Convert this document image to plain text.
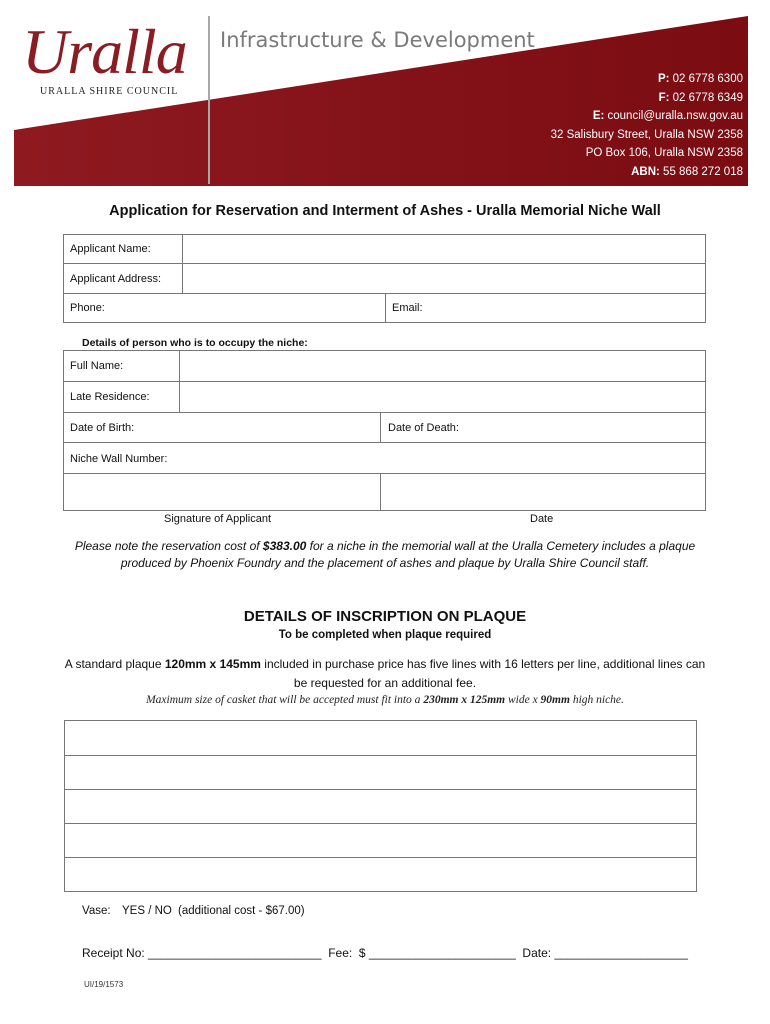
Uralla
URALLA SHIRE COUNCIL
Infrastructure & Development
P: 02 6778 6300
F: 02 6778 6349
E: council@uralla.nsw.gov.au
32 Salisbury Street, Uralla NSW 2358
PO Box 106, Uralla NSW 2358
ABN: 55 868 272 018
Application for Reservation and Interment of Ashes - Uralla Memorial Niche Wall
Applicant Name:
Applicant Address:
Phone:	Email:
Details of person who is to occupy the niche:
Full Name:
Late Residence:
Date of Birth:	Date of Death:
Niche Wall Number:
Signature of Applicant	Date
Please note the reservation cost of $383.00 for a niche in the memorial wall at the Uralla Cemetery includes a plaque produced by Phoenix Foundry and the placement of ashes and plaque by Uralla Shire Council staff.
DETAILS OF INSCRIPTION ON PLAQUE
To be completed when plaque required
A standard plaque 120mm x 145mm included in purchase price has five lines with 16 letters per line, additional lines can be requested for an additional fee.
Maximum size of casket that will be accepted must fit into a 230mm x 125mm wide x 90mm high niche.
Vase: YES / NO (additional cost - $67.00)
Receipt No: __________________________  Fee:  $ ______________________  Date: ____________________
UI/19/1573
